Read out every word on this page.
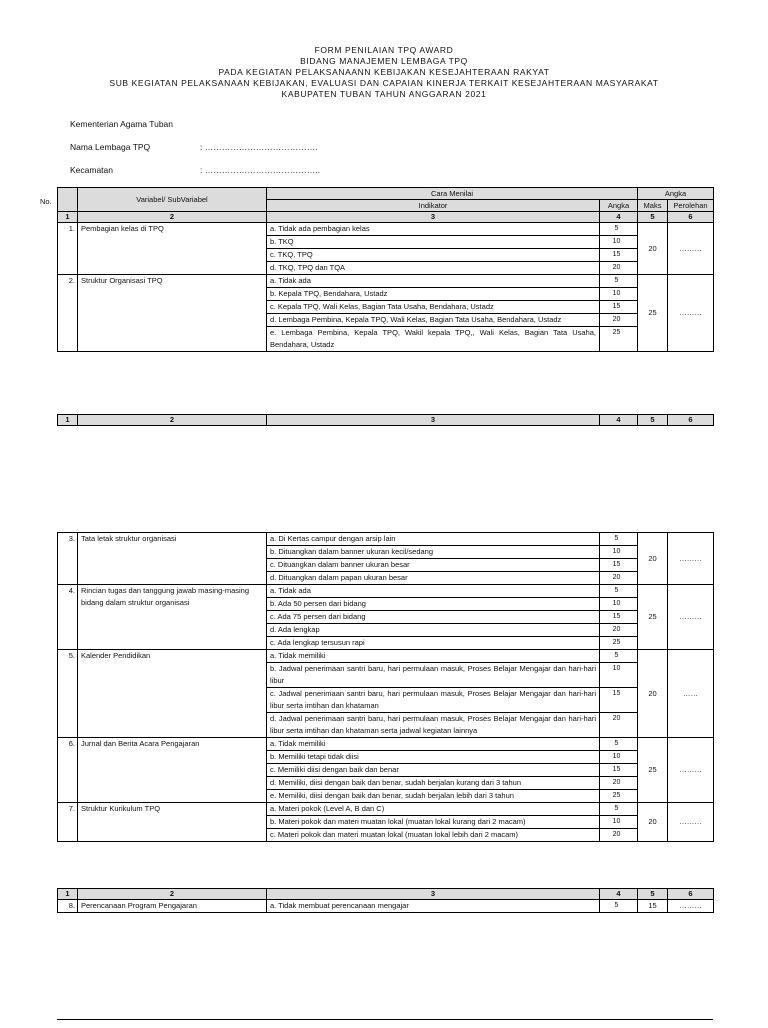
FORM PENILAIAN TPQ AWARD
BIDANG MANAJEMEN LEMBAGA TPQ
PADA KEGIATAN PELAKSANAANN KEBIJAKAN KESEJAHTERAAN RAKYAT
SUB KEGIATAN PELAKSANAAN KEBIJAKAN, EVALUASI DAN CAPAIAN KINERJA TERKAIT KESEJAHTERAAN MASYARAKAT
KABUPATEN TUBAN TAHUN ANGGARAN 2021
Kementerian Agama Tuban
Nama Lembaga TPQ	: ………………………………….
Kecamatan	: …………………………………..
No.
		Variabel/ SubVariabel	Cara Menilai		Angka	
		Indikator	Angka	Maks	Perolehan
1	2	3	4	5	6
1.	Pembagian kelas di TPQ	a. Tidak ada pembagian kelas	5	20	………
		b. TKQ	10		
		c. TKQ, TPQ	15		
		d. TKQ, TPQ dan TQA	20		
2.	Struktur Organisasi TPQ	a. Tidak ada	5	25	………
		b. Kepala TPQ, Bendahara, Ustadz	10		
		c. Kepala TPQ, Wali Kelas, Bagian Tata Usaha, Bendahara, Ustadz	15		
		d. Lembaga Pembina, Kepala TPQ, Wali Kelas, Bagian Tata Usaha, Bendahara, Ustadz	20		
		e. Lembaga Pembina, Kepala TPQ, Wakil kepala TPQ,, Wali Kelas, Bagian Tata Usaha, Bendahara, Ustadz	25		
1	2	3	4	5	6
3.	Tata letak struktur organisasi	a. Di Kertas campur dengan arsip lain	5	20	………
		b. Dituangkan dalam banner ukuran kecil/sedang	10		
		c. Dituangkan dalam banner ukuran besar	15		
		d. Dituangkan dalam papan ukuran besar	20		
4.	Rincian tugas dan tanggung jawab masing-masing bidang dalam struktur organisasi	a. Tidak ada	5	25	………
		b. Ada 50 persen dari bidang	10		
		c. Ada 75 persen dari bidang	15		
		d. Ada lengkap	20		
		c. Ada lengkap tersusun rapi	25		
5.	Kalender Pendidikan	a. Tidak memiliki	5	20	……
		b. Jadwal penerimaan santri baru, hari permulaan masuk, Proses Belajar Mengajar dan hari-hari libur	10		
		c. Jadwal penerimaan santri baru, hari permulaan masuk, Proses Belajar Mengajar dan hari-hari libur serta imtihan dan khataman	15		
		d. Jadwal penerimaan santri baru, hari permulaan masuk, Proses Belajar Mengajar dan hari-hari libur serta imtihan dan khataman serta jadwal kegiatan lainnya	20		
6.	Jurnal dan Berita Acara Pengajaran	a. Tidak memiliki	5	25	………
		b. Memiliki tetapi tidak diisi	10		
		c. Memiliki diisi dengan baik dan benar	15		
		d. Memiliki, diisi dengan baik dan benar, sudah berjalan kurang dari 3 tahun	20		
		e. Memiliki, diisi dengan baik dan benar, sudah berjalan lebih dari 3 tahun	25		
7.	Struktur Kurikulum TPQ	a. Materi pokok (Level A, B dan C)	5	20	………
		b. Materi pokok dan materi muatan lokal (muatan lokal kurang dari 2 macam)	10		
		c. Materi pokok dan materi muatan lokal (muatan lokal lebih dari 2 macam)	20		
1	2	3	4	5	6
8.	Perencanaan Program Pengajaran	a. Tidak membuat perencanaan mengajar	5	15	………
